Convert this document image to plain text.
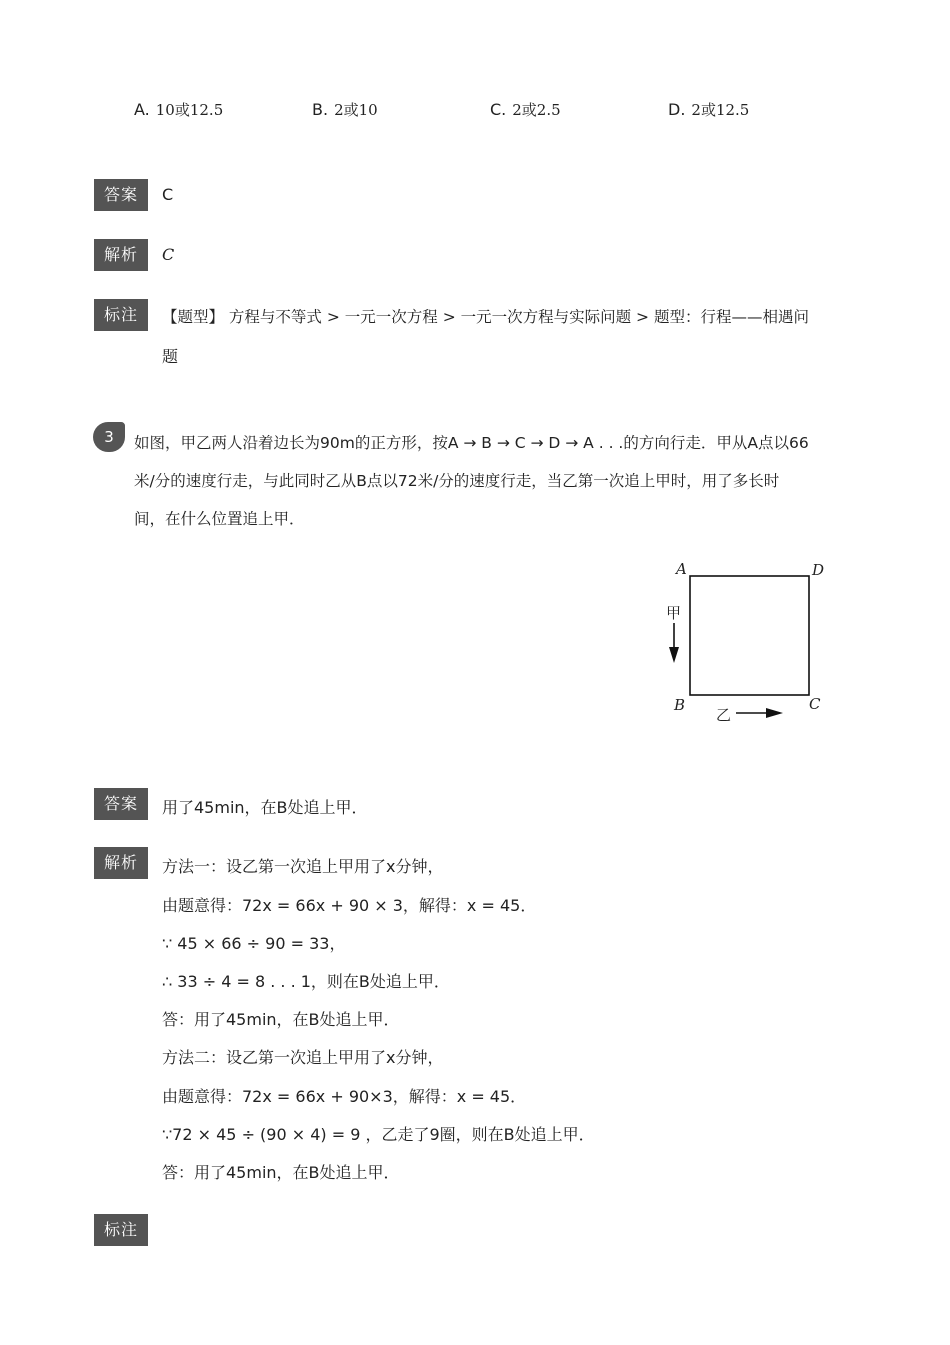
A. 10或12.5	B. 2或10	C. 2或2.5	D. 2或12.5
答案	C
解析	C
标注	【题型】 方程与不等式 > 一元一次方程 > 一元一次方程与实际问题 > 题型：行程——相遇问
题
3	如图，甲乙两人沿着边长为90m的正方形，按A → B → C → D → A . . .的方向行走．甲从A点以66
米/分的速度行走，与此同时乙从B点以72米/分的速度行走，当乙第一次追上甲时，用了多长时
间，在什么位置追上甲．
A	D
B	C
甲
乙
答案	用了45min，在B处追上甲．
解析	方法一：设乙第一次追上甲用了x分钟，
由题意得：72x = 66x + 90 × 3，解得：x = 45．
∵ 45 × 66 ÷ 90 = 33，
∴ 33 ÷ 4 = 8 . . . 1，则在B处追上甲．
答：用了45min，在B处追上甲．
方法二：设乙第一次追上甲用了x分钟，
由题意得：72x = 66x + 90×3，解得：x = 45．
∵72 × 45 ÷ (90 × 4) = 9 ，乙走了9圈，则在B处追上甲．
答：用了45min，在B处追上甲．
标注
